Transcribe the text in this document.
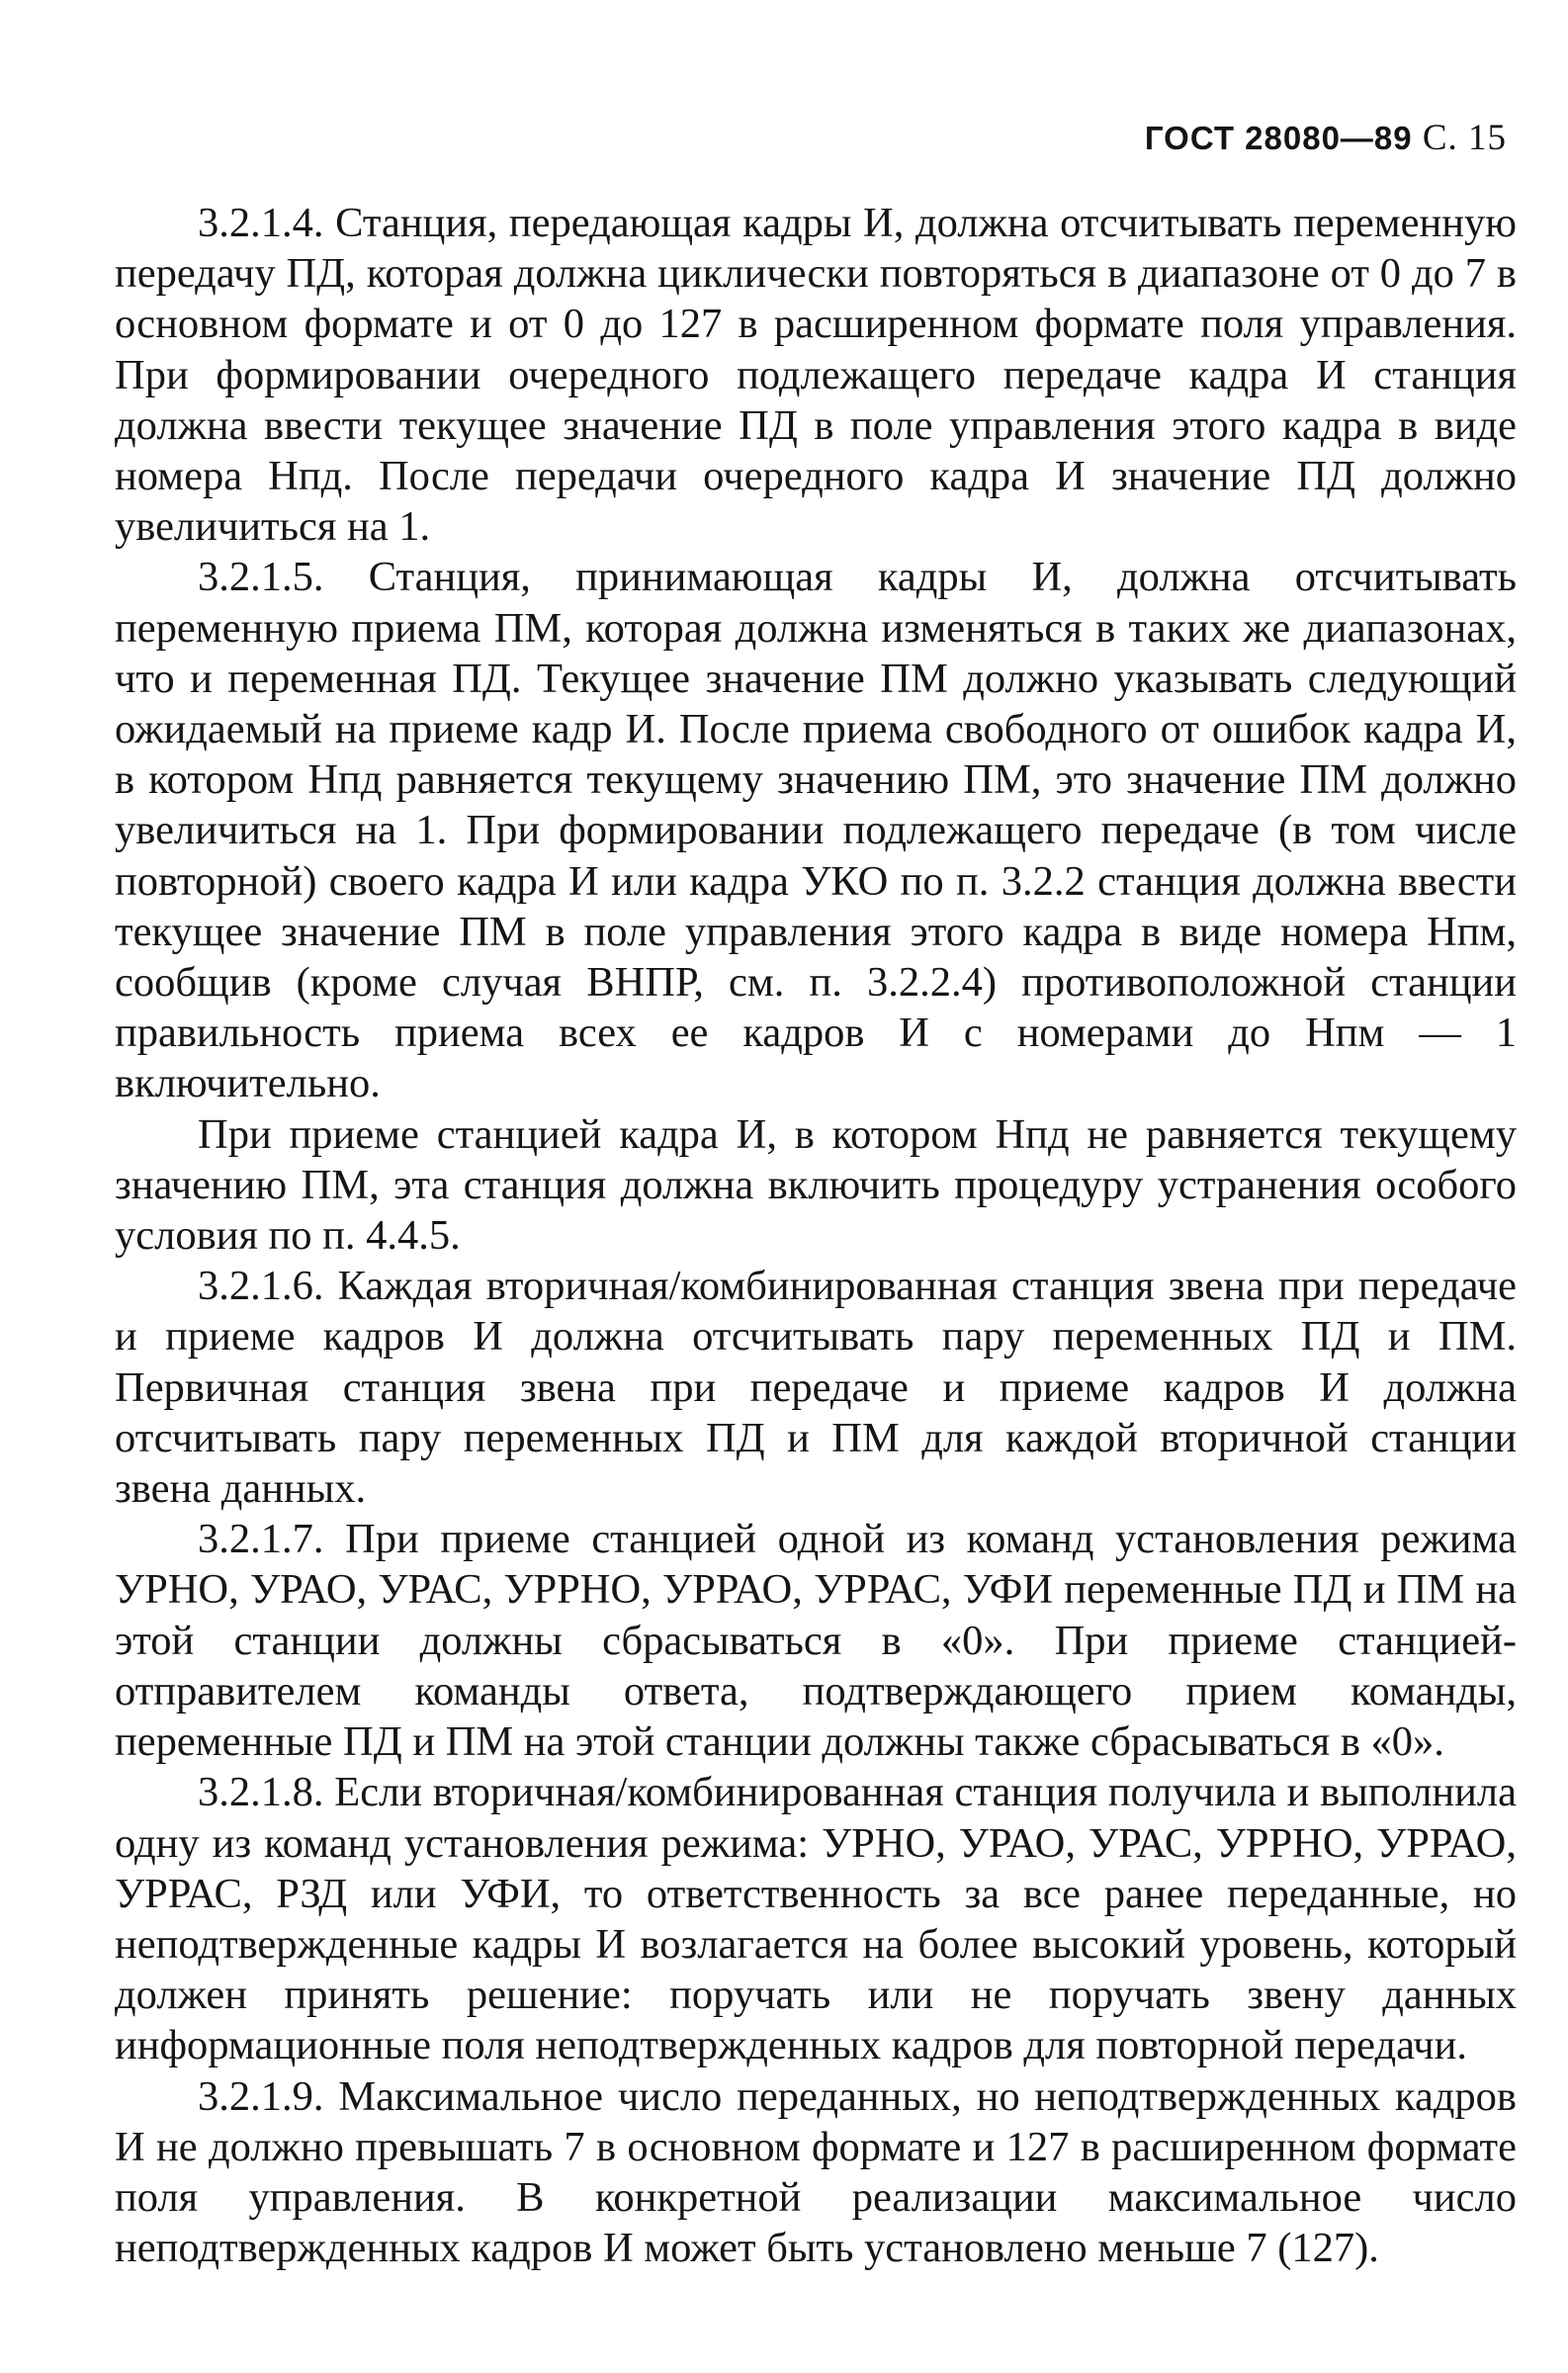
ГОСТ 28080—89 С. 15

3.2.1.4. Станция, передающая кадры И, должна отсчитывать переменную передачу ПД, которая должна циклически повторяться в диапазоне от 0 до 7 в основном формате и от 0 до 127 в расширенном формате поля управления. При формировании очередного подлежащего передаче кадра И станция должна ввести текущее значение ПД в поле управления этого кадра в виде номера Нпд. После передачи очередного кадра И значение ПД должно увеличиться на 1.

3.2.1.5. Станция, принимающая кадры И, должна отсчитывать переменную приема ПМ, которая должна изменяться в таких же диапазонах, что и переменная ПД. Текущее значение ПМ должно указывать следующий ожидаемый на приеме кадр И. После приема свободного от ошибок кадра И, в котором Нпд равняется текущему значению ПМ, это значение ПМ должно увеличиться на 1. При формировании подлежащего передаче (в том числе повторной) своего кадра И или кадра УКО по п. 3.2.2 станция должна ввести текущее значение ПМ в поле управления этого кадра в виде номера Нпм, сообщив (кроме случая ВНПР, см. п. 3.2.2.4) противоположной станции правильность приема всех ее кадров И с номерами до Нпм — 1 включительно.

При приеме станцией кадра И, в котором Нпд не равняется текущему значению ПМ, эта станция должна включить процедуру устранения особого условия по п. 4.4.5.

3.2.1.6. Каждая вторичная/комбинированная станция звена при передаче и приеме кадров И должна отсчитывать пару переменных ПД и ПМ. Первичная станция звена при передаче и приеме кадров И должна отсчитывать пару переменных ПД и ПМ для каждой вторичной станции звена данных.

3.2.1.7. При приеме станцией одной из команд установления режима УРНО, УРАО, УРАС, УРРНО, УРРАО, УРРАС, УФИ переменные ПД и ПМ на этой станции должны сбрасываться в «0». При приеме станцией-отправителем команды ответа, подтверждающего прием команды, переменные ПД и ПМ на этой станции должны также сбрасываться в «0».

3.2.1.8. Если вторичная/комбинированная станция получила и выполнила одну из команд установления режима: УРНО, УРАО, УРАС, УРРНО, УРРАО, УРРАС, РЗД или УФИ, то ответственность за все ранее переданные, но неподтвержденные кадры И возлагается на более высокий уровень, который должен принять решение: поручать или не поручать звену данных информационные поля неподтвержденных кадров для повторной передачи.

3.2.1.9. Максимальное число переданных, но неподтвержденных кадров И не должно превышать 7 в основном формате и 127 в расширенном формате поля управления. В конкретной реализации максимальное число неподтвержденных кадров И может быть установлено меньше 7 (127).
